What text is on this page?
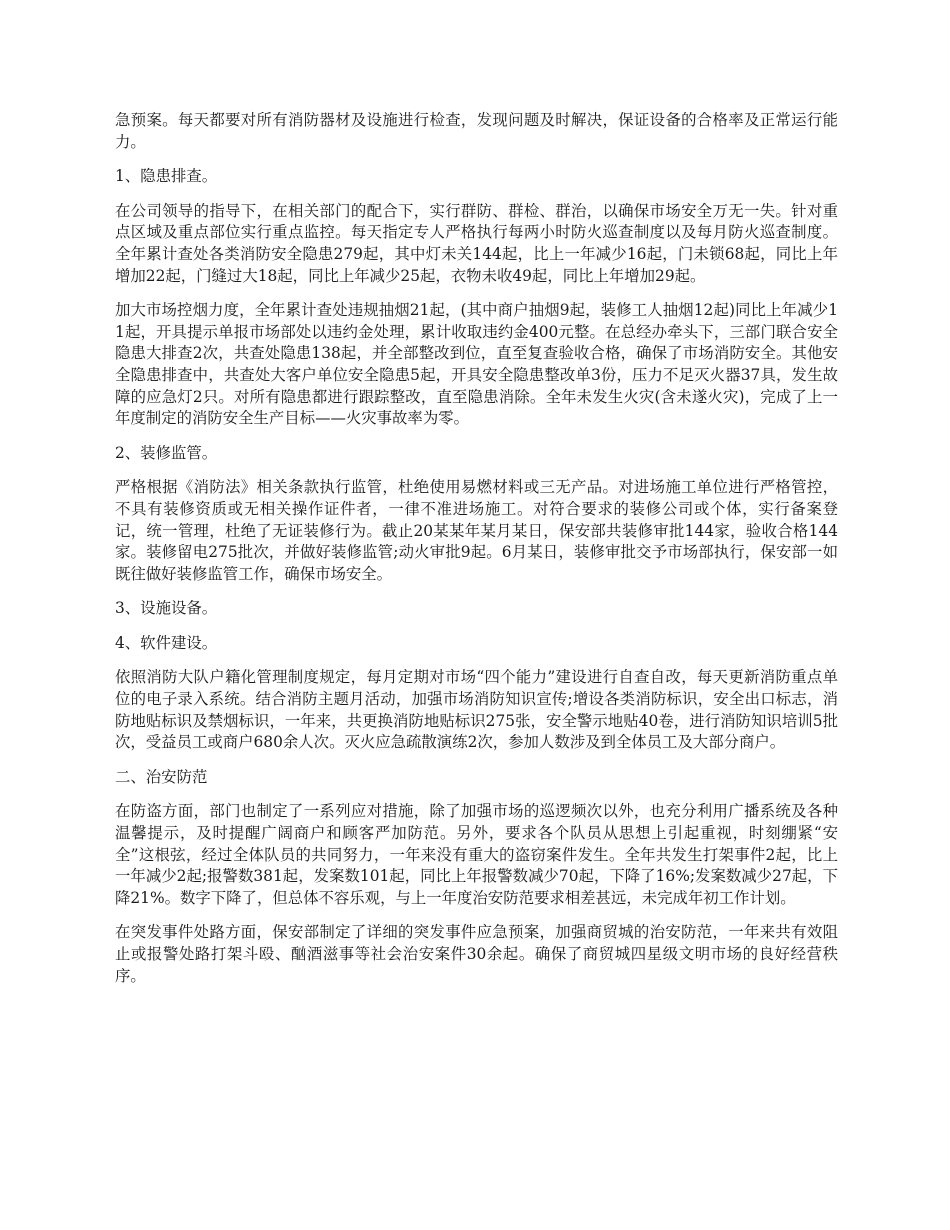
急预案。每天都要对所有消防器材及设施进行检查，发现问题及时解决，保证设备的合格率及正常运行能力。

1、隐患排查。

在公司领导的指导下，在相关部门的配合下，实行群防、群检、群治，以确保市场安全万无一失。针对重点区域及重点部位实行重点监控。每天指定专人严格执行每两小时防火巡查制度以及每月防火巡查制度。全年累计查处各类消防安全隐患279起，其中灯未关144起，比上一年减少16起，门未锁68起，同比上年增加22起，门缝过大18起，同比上年减少25起，衣物未收49起，同比上年增加29起。

加大市场控烟力度，全年累计查处违规抽烟21起，(其中商户抽烟9起，装修工人抽烟12起)同比上年减少11起，开具提示单报市场部处以违约金处理，累计收取违约金400元整。在总经办牵头下，三部门联合安全隐患大排查2次，共查处隐患138起，并全部整改到位，直至复查验收合格，确保了市场消防安全。其他安全隐患排查中，共查处大客户单位安全隐患5起，开具安全隐患整改单3份，压力不足灭火器37具，发生故障的应急灯2只。对所有隐患都进行跟踪整改，直至隐患消除。全年未发生火灾(含未遂火灾)，完成了上一年度制定的消防安全生产目标——火灾事故率为零。

2、装修监管。

严格根据《消防法》相关条款执行监管，杜绝使用易燃材料或三无产品。对进场施工单位进行严格管控，不具有装修资质或无相关操作证件者，一律不准进场施工。对符合要求的装修公司或个体，实行备案登记，统一管理，杜绝了无证装修行为。截止20某某年某月某日，保安部共装修审批144家，验收合格144家。装修留电275批次，并做好装修监管;动火审批9起。6月某日，装修审批交予市场部执行，保安部一如既往做好装修监管工作，确保市场安全。

3、设施设备。

4、软件建设。

依照消防大队户籍化管理制度规定，每月定期对市场“四个能力”建设进行自查自改，每天更新消防重点单位的电子录入系统。结合消防主题月活动，加强市场消防知识宣传;增设各类消防标识，安全出口标志，消防地贴标识及禁烟标识，一年来，共更换消防地贴标识275张，安全警示地贴40卷，进行消防知识培训5批次，受益员工或商户680余人次。灭火应急疏散演练2次，参加人数涉及到全体员工及大部分商户。

二、治安防范

在防盗方面，部门也制定了一系列应对措施，除了加强市场的巡逻频次以外，也充分利用广播系统及各种温馨提示，及时提醒广阔商户和顾客严加防范。另外，要求各个队员从思想上引起重视，时刻绷紧“安全”这根弦，经过全体队员的共同努力，一年来没有重大的盗窃案件发生。全年共发生打架事件2起，比上一年减少2起;报警数381起，发案数101起，同比上年报警数减少70起，下降了16%;发案数减少27起，下降21%。数字下降了，但总体不容乐观，与上一年度治安防范要求相差甚远，未完成年初工作计划。

在突发事件处路方面，保安部制定了详细的突发事件应急预案，加强商贸城的治安防范，一年来共有效阻止或报警处路打架斗殴、酗酒滋事等社会治安案件30余起。确保了商贸城四星级文明市场的良好经营秩序。
